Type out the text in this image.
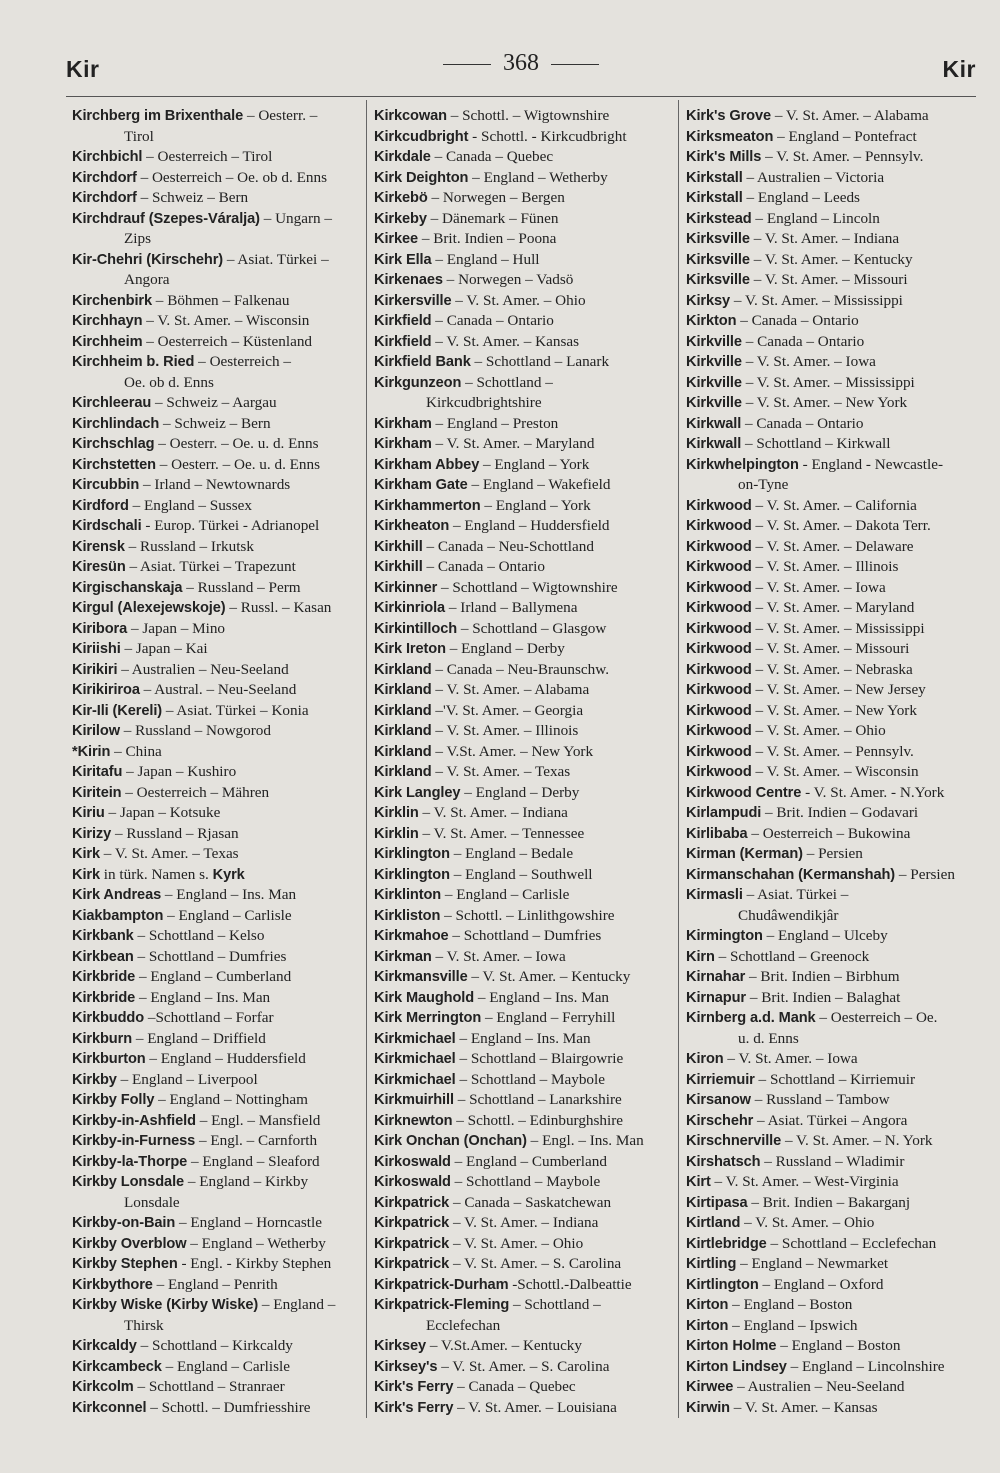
Kir	368	Kir
Kirchberg im Brixenthale – Oesterr. –
Tirol
Kirchbichl – Oesterreich – Tirol
Kirchdorf – Oesterreich – Oe. ob d. Enns
Kirchdorf – Schweiz – Bern
Kirchdrauf (Szepes-Váralja) – Ungarn –
Zips
Kir-Chehri (Kirschehr) – Asiat. Türkei –
Angora
Kirchenbirk – Böhmen – Falkenau
Kirchhayn – V. St. Amer. – Wisconsin
Kirchheim – Oesterreich – Küstenland
Kirchheim b. Ried – Oesterreich –
Oe. ob d. Enns
Kirchleerau – Schweiz – Aargau
Kirchlindach – Schweiz – Bern
Kirchschlag – Oesterr. – Oe. u. d. Enns
Kirchstetten – Oesterr. – Oe. u. d. Enns
Kircubbin – Irland – Newtownards
Kirdford – England – Sussex
Kirdschali - Europ. Türkei - Adrianopel
Kirensk – Russland – Irkutsk
Kiresün – Asiat. Türkei – Trapezunt
Kirgischanskaja – Russland – Perm
Kirgul (Alexejewskoje) – Russl. – Kasan
Kiribora – Japan – Mino
Kiriishi – Japan – Kai
Kirikiri – Australien – Neu-Seeland
Kirikiriroa – Austral. – Neu-Seeland
Kir-Ili (Kereli) – Asiat. Türkei – Konia
Kirilow – Russland – Nowgorod
*Kirin – China
Kiritafu – Japan – Kushiro
Kiritein – Oesterreich – Mähren
Kiriu – Japan – Kotsuke
Kirizy – Russland – Rjasan
Kirk – V. St. Amer. – Texas
Kirk in türk. Namen s. Kyrk
Kirk Andreas – England – Ins. Man
Kiakbampton – England – Carlisle
Kirkbank – Schottland – Kelso
Kirkbean – Schottland – Dumfries
Kirkbride – England – Cumberland
Kirkbride – England – Ins. Man
Kirkbuddo –Schottland – Forfar
Kirkburn – England – Driffield
Kirkburton – England – Huddersfield
Kirkby – England – Liverpool
Kirkby Folly – England – Nottingham
Kirkby-in-Ashfield – Engl. – Mansfield
Kirkby-in-Furness – Engl. – Carnforth
Kirkby-la-Thorpe – England – Sleaford
Kirkby Lonsdale – England – Kirkby
Lonsdale
Kirkby-on-Bain – England – Horncastle
Kirkby Overblow – England – Wetherby
Kirkby Stephen - Engl. - Kirkby Stephen
Kirkbythore – England – Penrith
Kirkby Wiske (Kirby Wiske) – England –
Thirsk
Kirkcaldy – Schottland – Kirkcaldy
Kirkcambeck – England – Carlisle
Kirkcolm – Schottland – Stranraer
Kirkconnel – Schottl. – Dumfriesshire
Kirkcowan – Schottl. – Wigtownshire
Kirkcudbright - Schottl. - Kirkcudbright
Kirkdale – Canada – Quebec
Kirk Deighton – England – Wetherby
Kirkebö – Norwegen – Bergen
Kirkeby – Dänemark – Fünen
Kirkee – Brit. Indien – Poona
Kirk Ella – England – Hull
Kirkenaes – Norwegen – Vadsö
Kirkersville – V. St. Amer. – Ohio
Kirkfield – Canada – Ontario
Kirkfield – V. St. Amer. – Kansas
Kirkfield Bank – Schottland – Lanark
Kirkgunzeon – Schottland –
Kirkcudbrightshire
Kirkham – England – Preston
Kirkham – V. St. Amer. – Maryland
Kirkham Abbey – England – York
Kirkham Gate – England – Wakefield
Kirkhammerton – England – York
Kirkheaton – England – Huddersfield
Kirkhill – Canada – Neu-Schottland
Kirkhill – Canada – Ontario
Kirkinner – Schottland – Wigtownshire
Kirkinriola – Irland – Ballymena
Kirkintilloch – Schottland – Glasgow
Kirk Ireton – England – Derby
Kirkland – Canada – Neu-Braunschw.
Kirkland – V. St. Amer. – Alabama
Kirkland –'V. St. Amer. – Georgia
Kirkland – V. St. Amer. – Illinois
Kirkland – V.St. Amer. – New York
Kirkland – V. St. Amer. – Texas
Kirk Langley – England – Derby
Kirklin – V. St. Amer. – Indiana
Kirklin – V. St. Amer. – Tennessee
Kirklington – England – Bedale
Kirklington – England – Southwell
Kirklinton – England – Carlisle
Kirkliston – Schottl. – Linlithgowshire
Kirkmahoe – Schottland – Dumfries
Kirkman – V. St. Amer. – Iowa
Kirkmansville – V. St. Amer. – Kentucky
Kirk Maughold – England – Ins. Man
Kirk Merrington – England – Ferryhill
Kirkmichael – England – Ins. Man
Kirkmichael – Schottland – Blairgowrie
Kirkmichael – Schottland – Maybole
Kirkmuirhill – Schottland – Lanarkshire
Kirknewton – Schottl. – Edinburghshire
Kirk Onchan (Onchan) – Engl. – Ins. Man
Kirkoswald – England – Cumberland
Kirkoswald – Schottland – Maybole
Kirkpatrick – Canada – Saskatchewan
Kirkpatrick – V. St. Amer. – Indiana
Kirkpatrick – V. St. Amer. – Ohio
Kirkpatrick – V. St. Amer. – S. Carolina
Kirkpatrick-Durham -Schottl.-Dalbeattie
Kirkpatrick-Fleming – Schottland –
Ecclefechan
Kirksey – V.St.Amer. – Kentucky
Kirksey's – V. St. Amer. – S. Carolina
Kirk's Ferry – Canada – Quebec
Kirk's Ferry – V. St. Amer. – Louisiana
Kirk's Grove – V. St. Amer. – Alabama
Kirksmeaton – England – Pontefract
Kirk's Mills – V. St. Amer. – Pennsylv.
Kirkstall – Australien – Victoria
Kirkstall – England – Leeds
Kirkstead – England – Lincoln
Kirksville – V. St. Amer. – Indiana
Kirksville – V. St. Amer. – Kentucky
Kirksville – V. St. Amer. – Missouri
Kirksy – V. St. Amer. – Mississippi
Kirkton – Canada – Ontario
Kirkville – Canada – Ontario
Kirkville – V. St. Amer. – Iowa
Kirkville – V. St. Amer. – Mississippi
Kirkville – V. St. Amer. – New York
Kirkwall – Canada – Ontario
Kirkwall – Schottland – Kirkwall
Kirkwhelpington - England - Newcastle-
on-Tyne
Kirkwood – V. St. Amer. – California
Kirkwood – V. St. Amer. – Dakota Terr.
Kirkwood – V. St. Amer. – Delaware
Kirkwood – V. St. Amer. – Illinois
Kirkwood – V. St. Amer. – Iowa
Kirkwood – V. St. Amer. – Maryland
Kirkwood – V. St. Amer. – Mississippi
Kirkwood – V. St. Amer. – Missouri
Kirkwood – V. St. Amer. – Nebraska
Kirkwood – V. St. Amer. – New Jersey
Kirkwood – V. St. Amer. – New York
Kirkwood – V. St. Amer. – Ohio
Kirkwood – V. St. Amer. – Pennsylv.
Kirkwood – V. St. Amer. – Wisconsin
Kirkwood Centre - V. St. Amer. - N.York
Kirlampudi – Brit. Indien – Godavari
Kirlibaba – Oesterreich – Bukowina
Kirman (Kerman) – Persien
Kirmanschahan (Kermanshah) – Persien
Kirmasli – Asiat. Türkei –
Chudâwendikjâr
Kirmington – England – Ulceby
Kirn – Schottland – Greenock
Kirnahar – Brit. Indien – Birbhum
Kirnapur – Brit. Indien – Balaghat
Kirnberg a.d. Mank – Oesterreich – Oe.
u. d. Enns
Kiron – V. St. Amer. – Iowa
Kirriemuir – Schottland – Kirriemuir
Kirsanow – Russland – Tambow
Kirschehr – Asiat. Türkei – Angora
Kirschnerville – V. St. Amer. – N. York
Kirshatsch – Russland – Wladimir
Kirt – V. St. Amer. – West-Virginia
Kirtipasa – Brit. Indien – Bakarganj
Kirtland – V. St. Amer. – Ohio
Kirtlebridge – Schottland – Ecclefechan
Kirtling – England – Newmarket
Kirtlington – England – Oxford
Kirton – England – Boston
Kirton – England – Ipswich
Kirton Holme – England – Boston
Kirton Lindsey – England – Lincolnshire
Kirwee – Australien – Neu-Seeland
Kirwin – V. St. Amer. – Kansas
